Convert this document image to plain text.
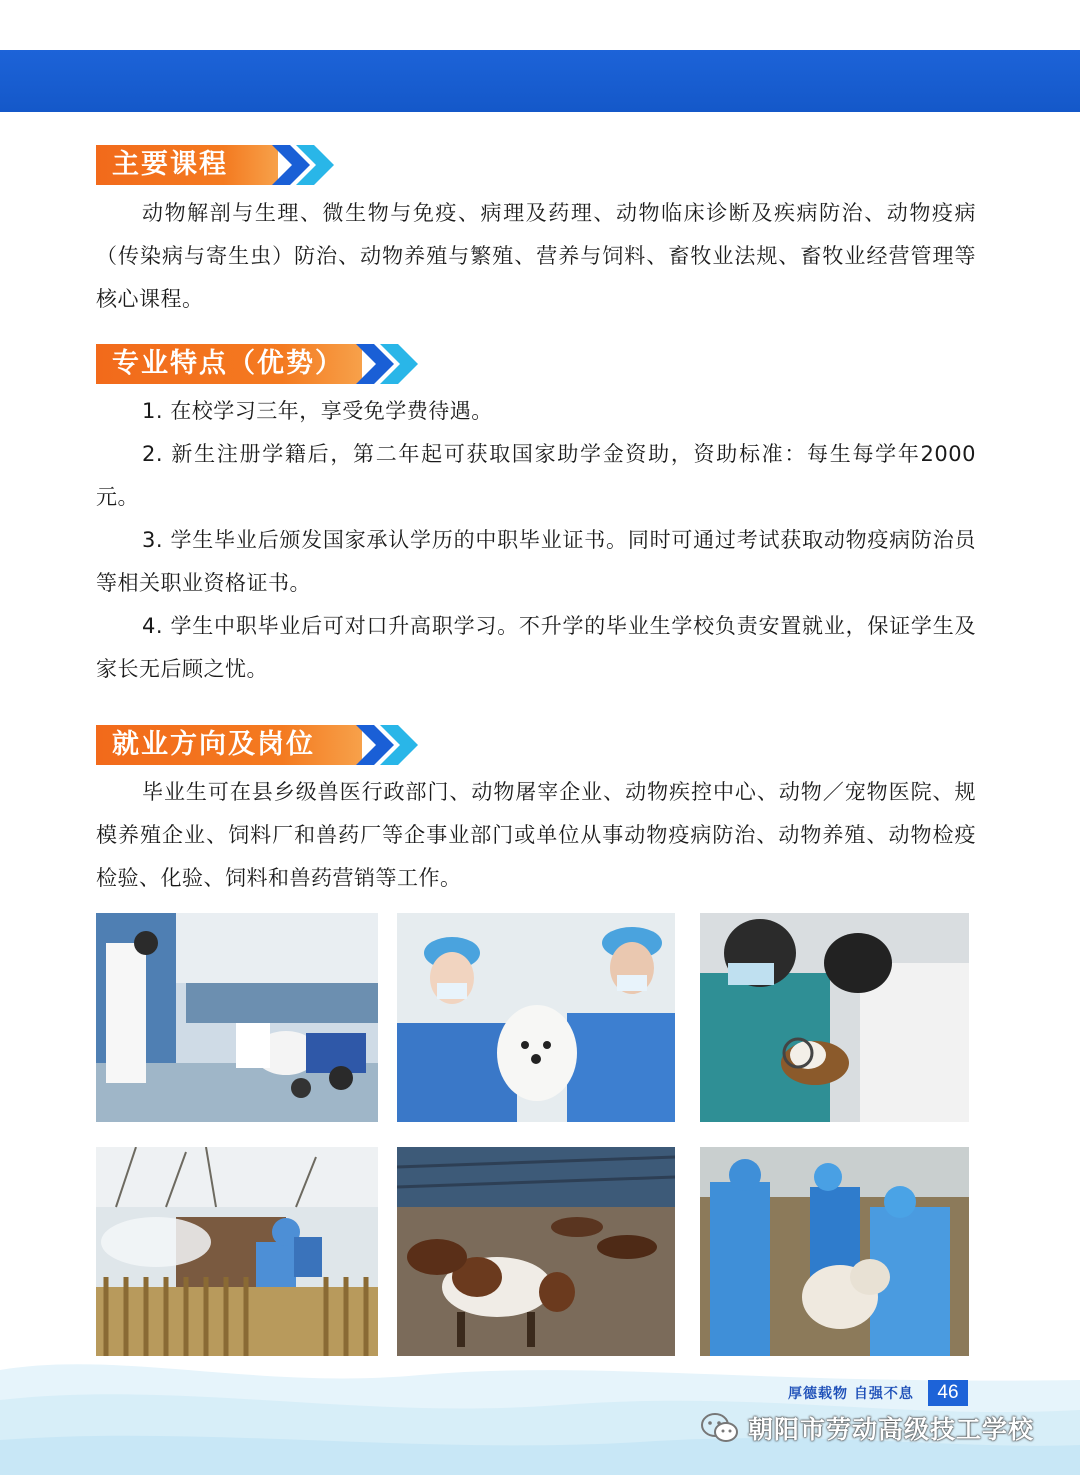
主要课程

动物解剖与生理、微生物与免疫、病理及药理、动物临床诊断及疾病防治、动物疫病（传染病与寄生虫）防治、动物养殖与繁殖、营养与饲料、畜牧业法规、畜牧业经营管理等核心课程。

专业特点（优势）

1. 在校学习三年，享受免学费待遇。

2. 新生注册学籍后，第二年起可获取国家助学金资助，资助标准：每生每学年2000 元。

3. 学生毕业后颁发国家承认学历的中职毕业证书。同时可通过考试获取动物疫病防治员等相关职业资格证书。

4. 学生中职毕业后可对口升高职学习。不升学的毕业生学校负责安置就业，保证学生及家长无后顾之忧。

就业方向及岗位

毕业生可在县乡级兽医行政部门、动物屠宰企业、动物疾控中心、动物／宠物医院、规模养殖企业、饲料厂和兽药厂等企事业部门或单位从事动物疫病防治、动物养殖、动物检疫检验、化验、饲料和兽药营销等工作。

厚德载物 自强不息	46
朝阳市劳动高级技工学校
